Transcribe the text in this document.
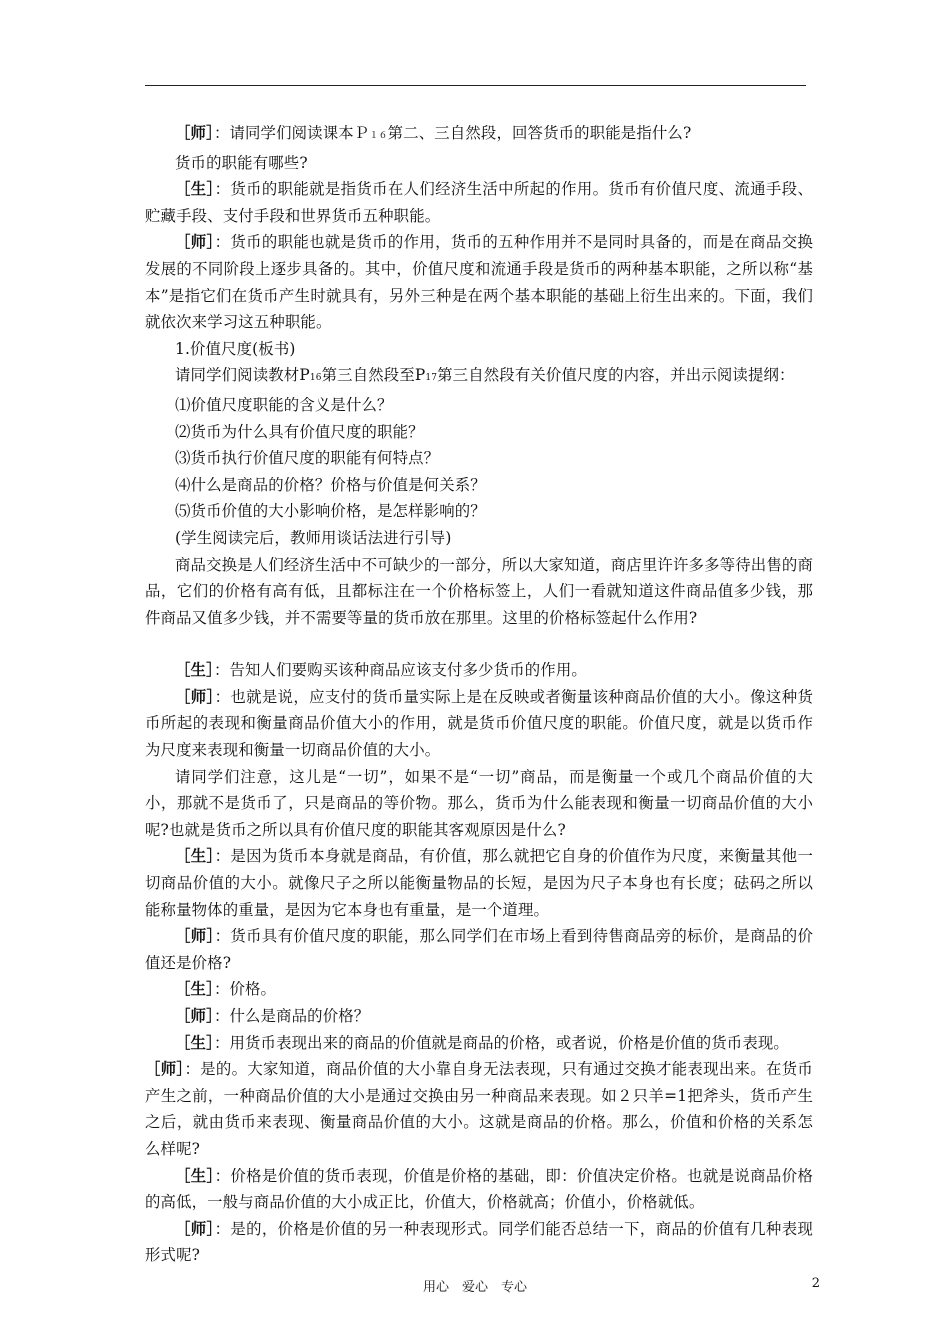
［师］：请同学们阅读课本Ｐ１６第二、三自然段，回答货币的职能是指什么?

货币的职能有哪些?

［生］：货币的职能就是指货币在人们经济生活中所起的作用。货币有价值尺度、流通手段、贮藏手段、支付手段和世界货币五种职能。

［师］：货币的职能也就是货币的作用，货币的五种作用并不是同时具备的，而是在商品交换发展的不同阶段上逐步具备的。其中，价值尺度和流通手段是货币的两种基本职能，之所以称“基本”是指它们在货币产生时就具有，另外三种是在两个基本职能的基础上衍生出来的。下面，我们就依次来学习这五种职能。

1.价值尺度(板书)

请同学们阅读教材P16第三自然段至P17第三自然段有关价值尺度的内容，并出示阅读提纲：

⑴价值尺度职能的含义是什么？

⑵货币为什么具有价值尺度的职能？

⑶货币执行价值尺度的职能有何特点？

⑷什么是商品的价格？价格与价值是何关系？

⑸货币价值的大小影响价格，是怎样影响的？

(学生阅读完后，教师用谈话法进行引导)

商品交换是人们经济生活中不可缺少的一部分，所以大家知道，商店里许许多多等待出售的商品，它们的价格有高有低，且都标注在一个价格标签上，人们一看就知道这件商品值多少钱，那件商品又值多少钱，并不需要等量的货币放在那里。这里的价格标签起什么作用?

［生］：告知人们要购买该种商品应该支付多少货币的作用。

［师］：也就是说，应支付的货币量实际上是在反映或者衡量该种商品价值的大小。像这种货币所起的表现和衡量商品价值大小的作用，就是货币价值尺度的职能。价值尺度，就是以货币作为尺度来表现和衡量一切商品价值的大小。

请同学们注意，这儿是“一切”，如果不是“一切”商品，而是衡量一个或几个商品价值的大小，那就不是货币了，只是商品的等价物。那么，货币为什么能表现和衡量一切商品价值的大小呢?也就是货币之所以具有价值尺度的职能其客观原因是什么?

［生］：是因为货币本身就是商品，有价值，那么就把它自身的价值作为尺度，来衡量其他一切商品价值的大小。就像尺子之所以能衡量物品的长短，是因为尺子本身也有长度；砝码之所以能称量物体的重量，是因为它本身也有重量，是一个道理。

［师］：货币具有价值尺度的职能，那么同学们在市场上看到待售商品旁的标价，是商品的价值还是价格?

［生］：价格。

［师］：什么是商品的价格？

［生］：用货币表现出来的商品的价值就是商品的价格，或者说，价格是价值的货币表现。

［师］：是的。大家知道，商品价值的大小靠自身无法表现，只有通过交换才能表现出来。在货币产生之前，一种商品价值的大小是通过交换由另一种商品来表现。如２只羊=1把斧头，货币产生之后，就由货币来表现、衡量商品价值的大小。这就是商品的价格。那么，价值和价格的关系怎么样呢?

［生］：价格是价值的货币表现，价值是价格的基础，即：价值决定价格。也就是说商品价格的高低，一般与商品价值的大小成正比，价值大，价格就高；价值小，价格就低。

［师］：是的，价格是价值的另一种表现形式。同学们能否总结一下，商品的价值有几种表现形式呢?

用心　爱心　专心	2
